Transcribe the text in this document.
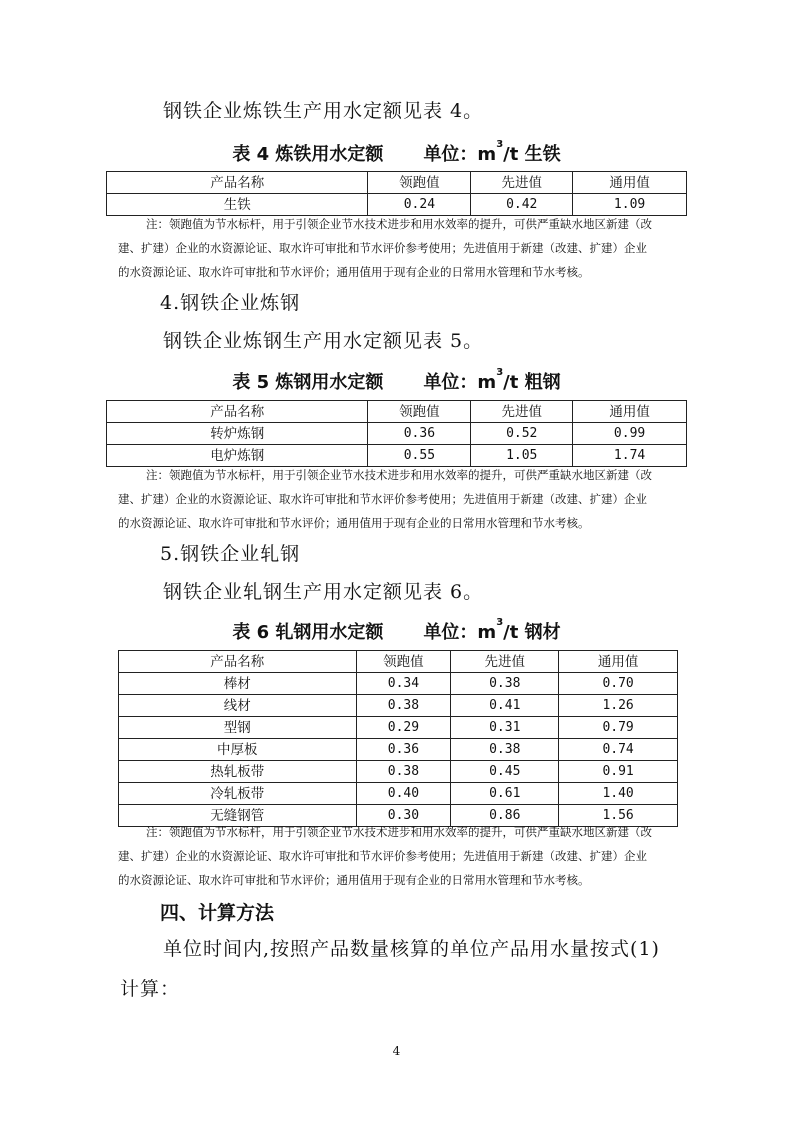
钢铁企业炼铁生产用水定额见表 4。
表 4 炼铁用水定额 单位：$m^3/t$ 生铁
产品名称	领跑值	先进值	通用值
生铁	0.24	0.42	1.09

注：领跑值为节水标杆，用于引领企业节水技术进步和用水效率的提升，可供严重缺水地区新建（改

建、扩建）企业的水资源论证、取水许可审批和节水评价参考使用；先进值用于新建（改建、扩建）企业

的水资源论证、取水许可审批和节水评价；通用值用于现有企业的日常用水管理和节水考核。

4.钢铁企业炼钢
钢铁企业炼钢生产用水定额见表 5。
表 5 炼钢用水定额 单位：$m^3/t$ 粗钢
产品名称	领跑值	先进值	通用值
转炉炼钢	0.36	0.52	0.99
电炉炼钢	0.55	1.05	1.74

注：领跑值为节水标杆，用于引领企业节水技术进步和用水效率的提升，可供严重缺水地区新建（改

建、扩建）企业的水资源论证、取水许可审批和节水评价参考使用；先进值用于新建（改建、扩建）企业

的水资源论证、取水许可审批和节水评价；通用值用于现有企业的日常用水管理和节水考核。

5.钢铁企业轧钢
钢铁企业轧钢生产用水定额见表 6。
表 6 轧钢用水定额 单位：$m^3/t$ 钢材
产品名称	领跑值	先进值	通用值
棒材	0.34	0.38	0.70
线材	0.38	0.41	1.26
型钢	0.29	0.31	0.79
中厚板	0.36	0.38	0.74
热轧板带	0.38	0.45	0.91
冷轧板带	0.40	0.61	1.40
无缝钢管	0.30	0.86	1.56

注：领跑值为节水标杆，用于引领企业节水技术进步和用水效率的提升，可供严重缺水地区新建（改

建、扩建）企业的水资源论证、取水许可审批和节水评价参考使用；先进值用于新建（改建、扩建）企业

的水资源论证、取水许可审批和节水评价；通用值用于现有企业的日常用水管理和节水考核。

四、计算方法
单位时间内,按照产品数量核算的单位产品用水量按式(1)
计算：
4
